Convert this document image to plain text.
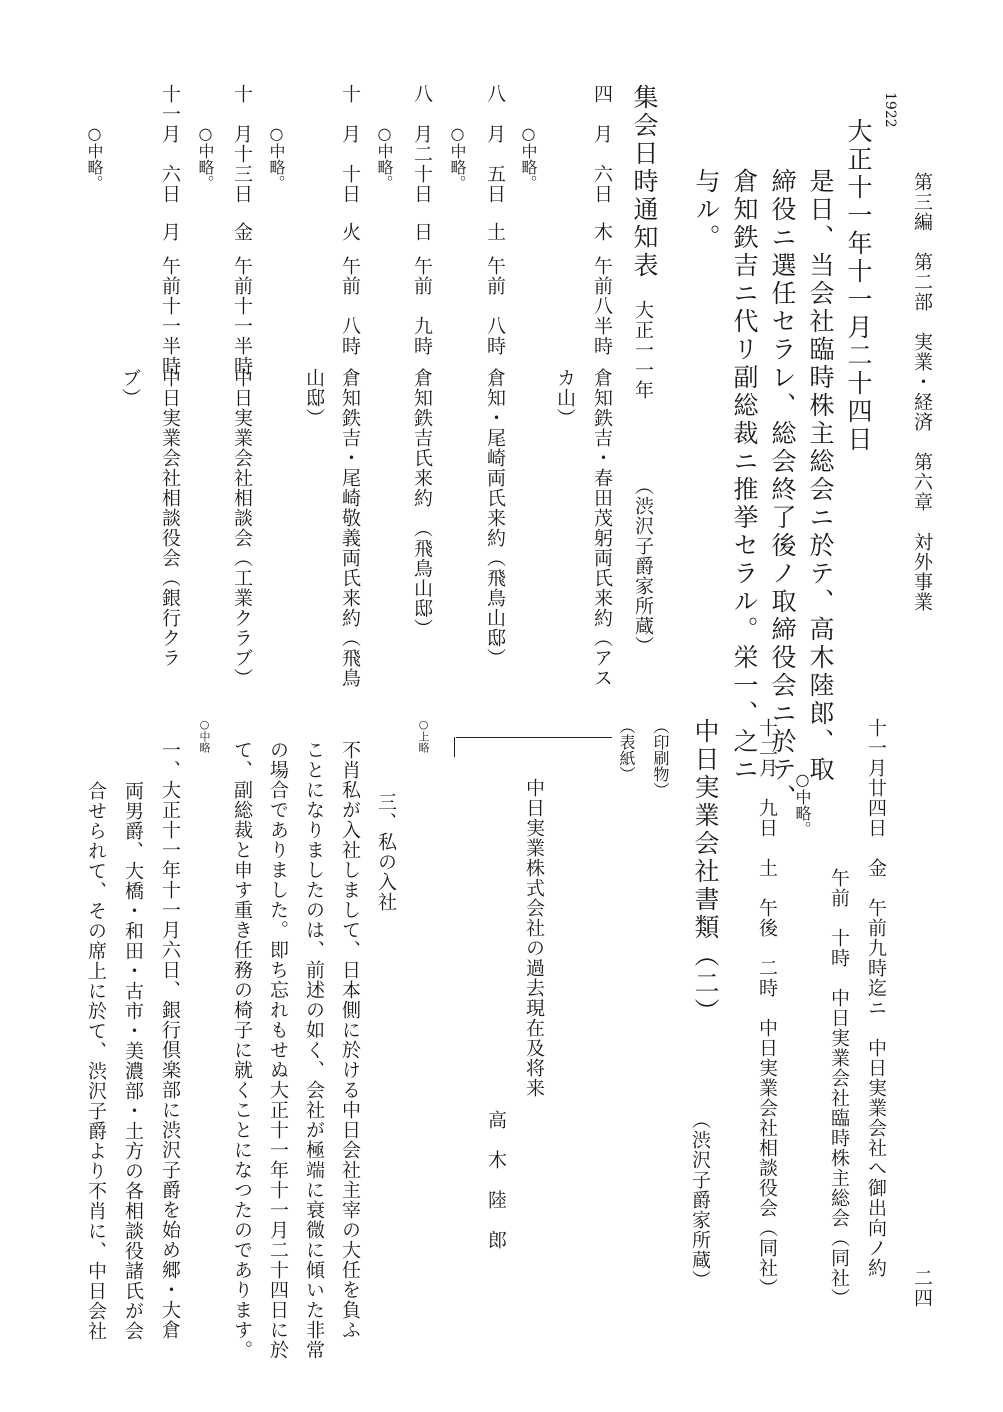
第三編　第二部　実業・経済　第六章　対外事業
二四
1922
大正十一年十一月二十四日
是日、当会社臨時株主総会ニ於テ、高木陸郎、取
締役ニ選任セラレ、総会終了後ノ取締役会ニ於テ、
倉知鉄吉ニ代リ副総裁ニ推挙セラル。栄一、之ニ
与ル。
集会日時通知表
大正一一年
（渋沢子爵家所蔵）
四　月　六日
木
午前八半時
倉知鉄吉・春田茂躬両氏来約（アス
カ山）
○中略。
八　月　五日
土
午前　八時
倉知・尾崎両氏来約（飛鳥山邸）
○中略。
八　月二十日
日
午前　九時
倉知鉄吉氏来約　（飛鳥山邸）
○中略。
十　月　十日
火
午前　八時
倉知鉄吉・尾崎敬義両氏来約（飛鳥
山邸）
○中略。
十　月十三日
金
午前十一半時
中日実業会社相談会（工業クラブ）
○中略。
十一月　六日
月
午前十一半時
中日実業会社相談役会（銀行クラ
ブ）
○中略。
十一月廿四日　金　午前九時迄ニ　中日実業会社へ御出向ノ約
午前　十時　中日実業会社臨時株主総会（同社）
○中略。
十二月　九日　土　午後　二時　中日実業会社相談役会（同社）
（渋沢子爵家所蔵）
中日実業会社書類（二）
（印刷物）
（表紙）
中日実業株式会社の過去現在及将来
高　木　陸　郎
○上略
三、私の入社
不肖私が入社しまして、日本側に於ける中日会社主宰の大任を負ふ
ことになりましたのは、前述の如く、会社が極端に衰微に傾いた非常
の場合でありました。即ち忘れもせぬ大正十一年十一月二十四日に於
て、副総裁と申す重き任務の椅子に就くことになつたのであります。
○中略
一、大正十一年十一月六日、銀行倶楽部に渋沢子爵を始め郷・大倉
両男爵、大橋・和田・古市・美濃部・土方の各相談役諸氏が会
合せられて、その席上に於て、渋沢子爵より不肖に、中日会社
